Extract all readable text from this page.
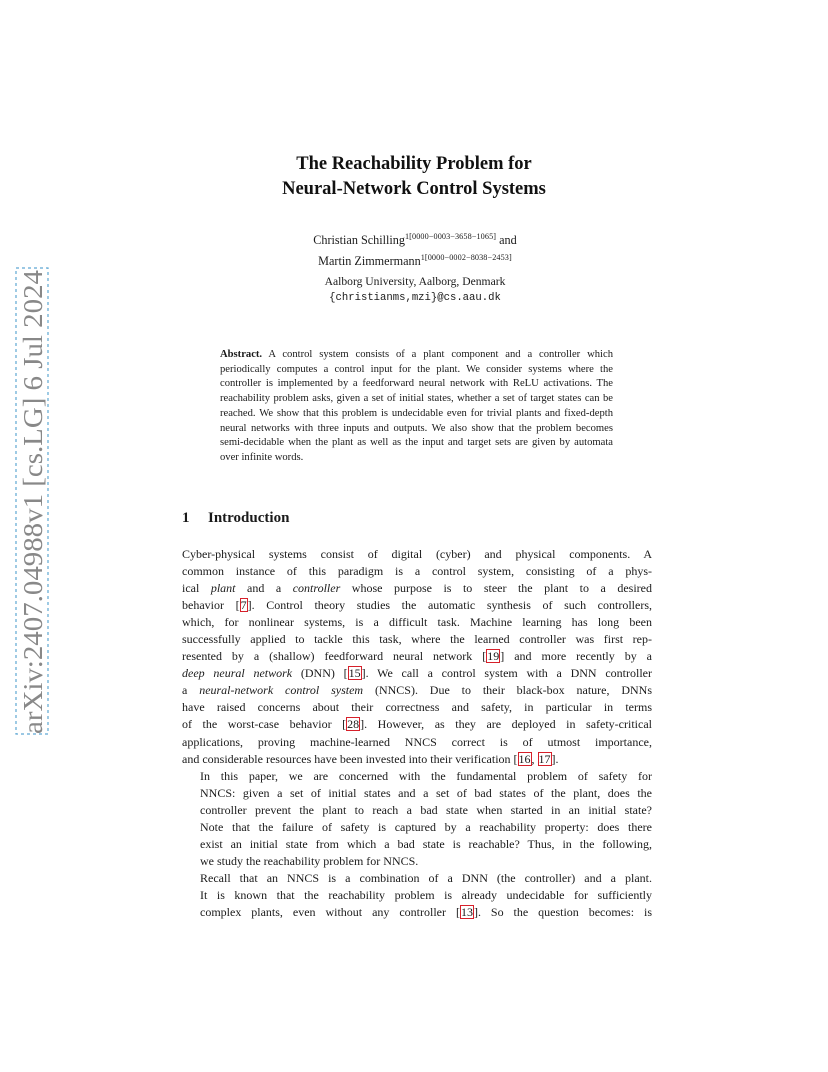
arXiv:2407.04988v1 [cs.LG] 6 Jul 2024
The Reachability Problem for
Neural-Network Control Systems
Christian Schilling$^{1[0000-0003-3658-1065]}$ and
Martin Zimmermann$^{1[0000-0002-8038-2453]}$
Aalborg University, Aalborg, Denmark
{christianms,mzi}@cs.aau.dk
Abstract. A control system consists of a plant component and a controller which periodically computes a control input for the plant. We consider systems where the controller is implemented by a feedforward neural network with ReLU activations. The reachability problem asks, given a set of initial states, whether a set of target states can be reached. We show that this problem is undecidable even for trivial plants and fixed-depth neural networks with three inputs and outputs. We also show that the problem becomes semi-decidable when the plant as well as the input and target sets are given by automata over infinite words.
1 Introduction

Cyber-physical systems consist of digital (cyber) and physical components. A
common instance of this paradigm is a control system, consisting of a phys-
ical plant and a controller whose purpose is to steer the plant to a desired
behavior [7]. Control theory studies the automatic synthesis of such controllers,
which, for nonlinear systems, is a difficult task. Machine learning has long been
successfully applied to tackle this task, where the learned controller was first rep-
resented by a (shallow) feedforward neural network [19] and more recently by a
deep neural network (DNN) [15]. We call a control system with a DNN controller
a neural-network control system (NNCS). Due to their black-box nature, DNNs
have raised concerns about their correctness and safety, in particular in terms
of the worst-case behavior [28]. However, as they are deployed in safety-critical
applications, proving machine-learned NNCS correct is of utmost importance,
and considerable resources have been invested into their verification [16, 17].

In this paper, we are concerned with the fundamental problem of safety for
NNCS: given a set of initial states and a set of bad states of the plant, does the
controller prevent the plant to reach a bad state when started in an initial state?
Note that the failure of safety is captured by a reachability property: does there
exist an initial state from which a bad state is reachable? Thus, in the following,
we study the reachability problem for NNCS.

Recall that an NNCS is a combination of a DNN (the controller) and a plant.
It is known that the reachability problem is already undecidable for sufficiently
complex plants, even without any controller [13]. So the question becomes: is
